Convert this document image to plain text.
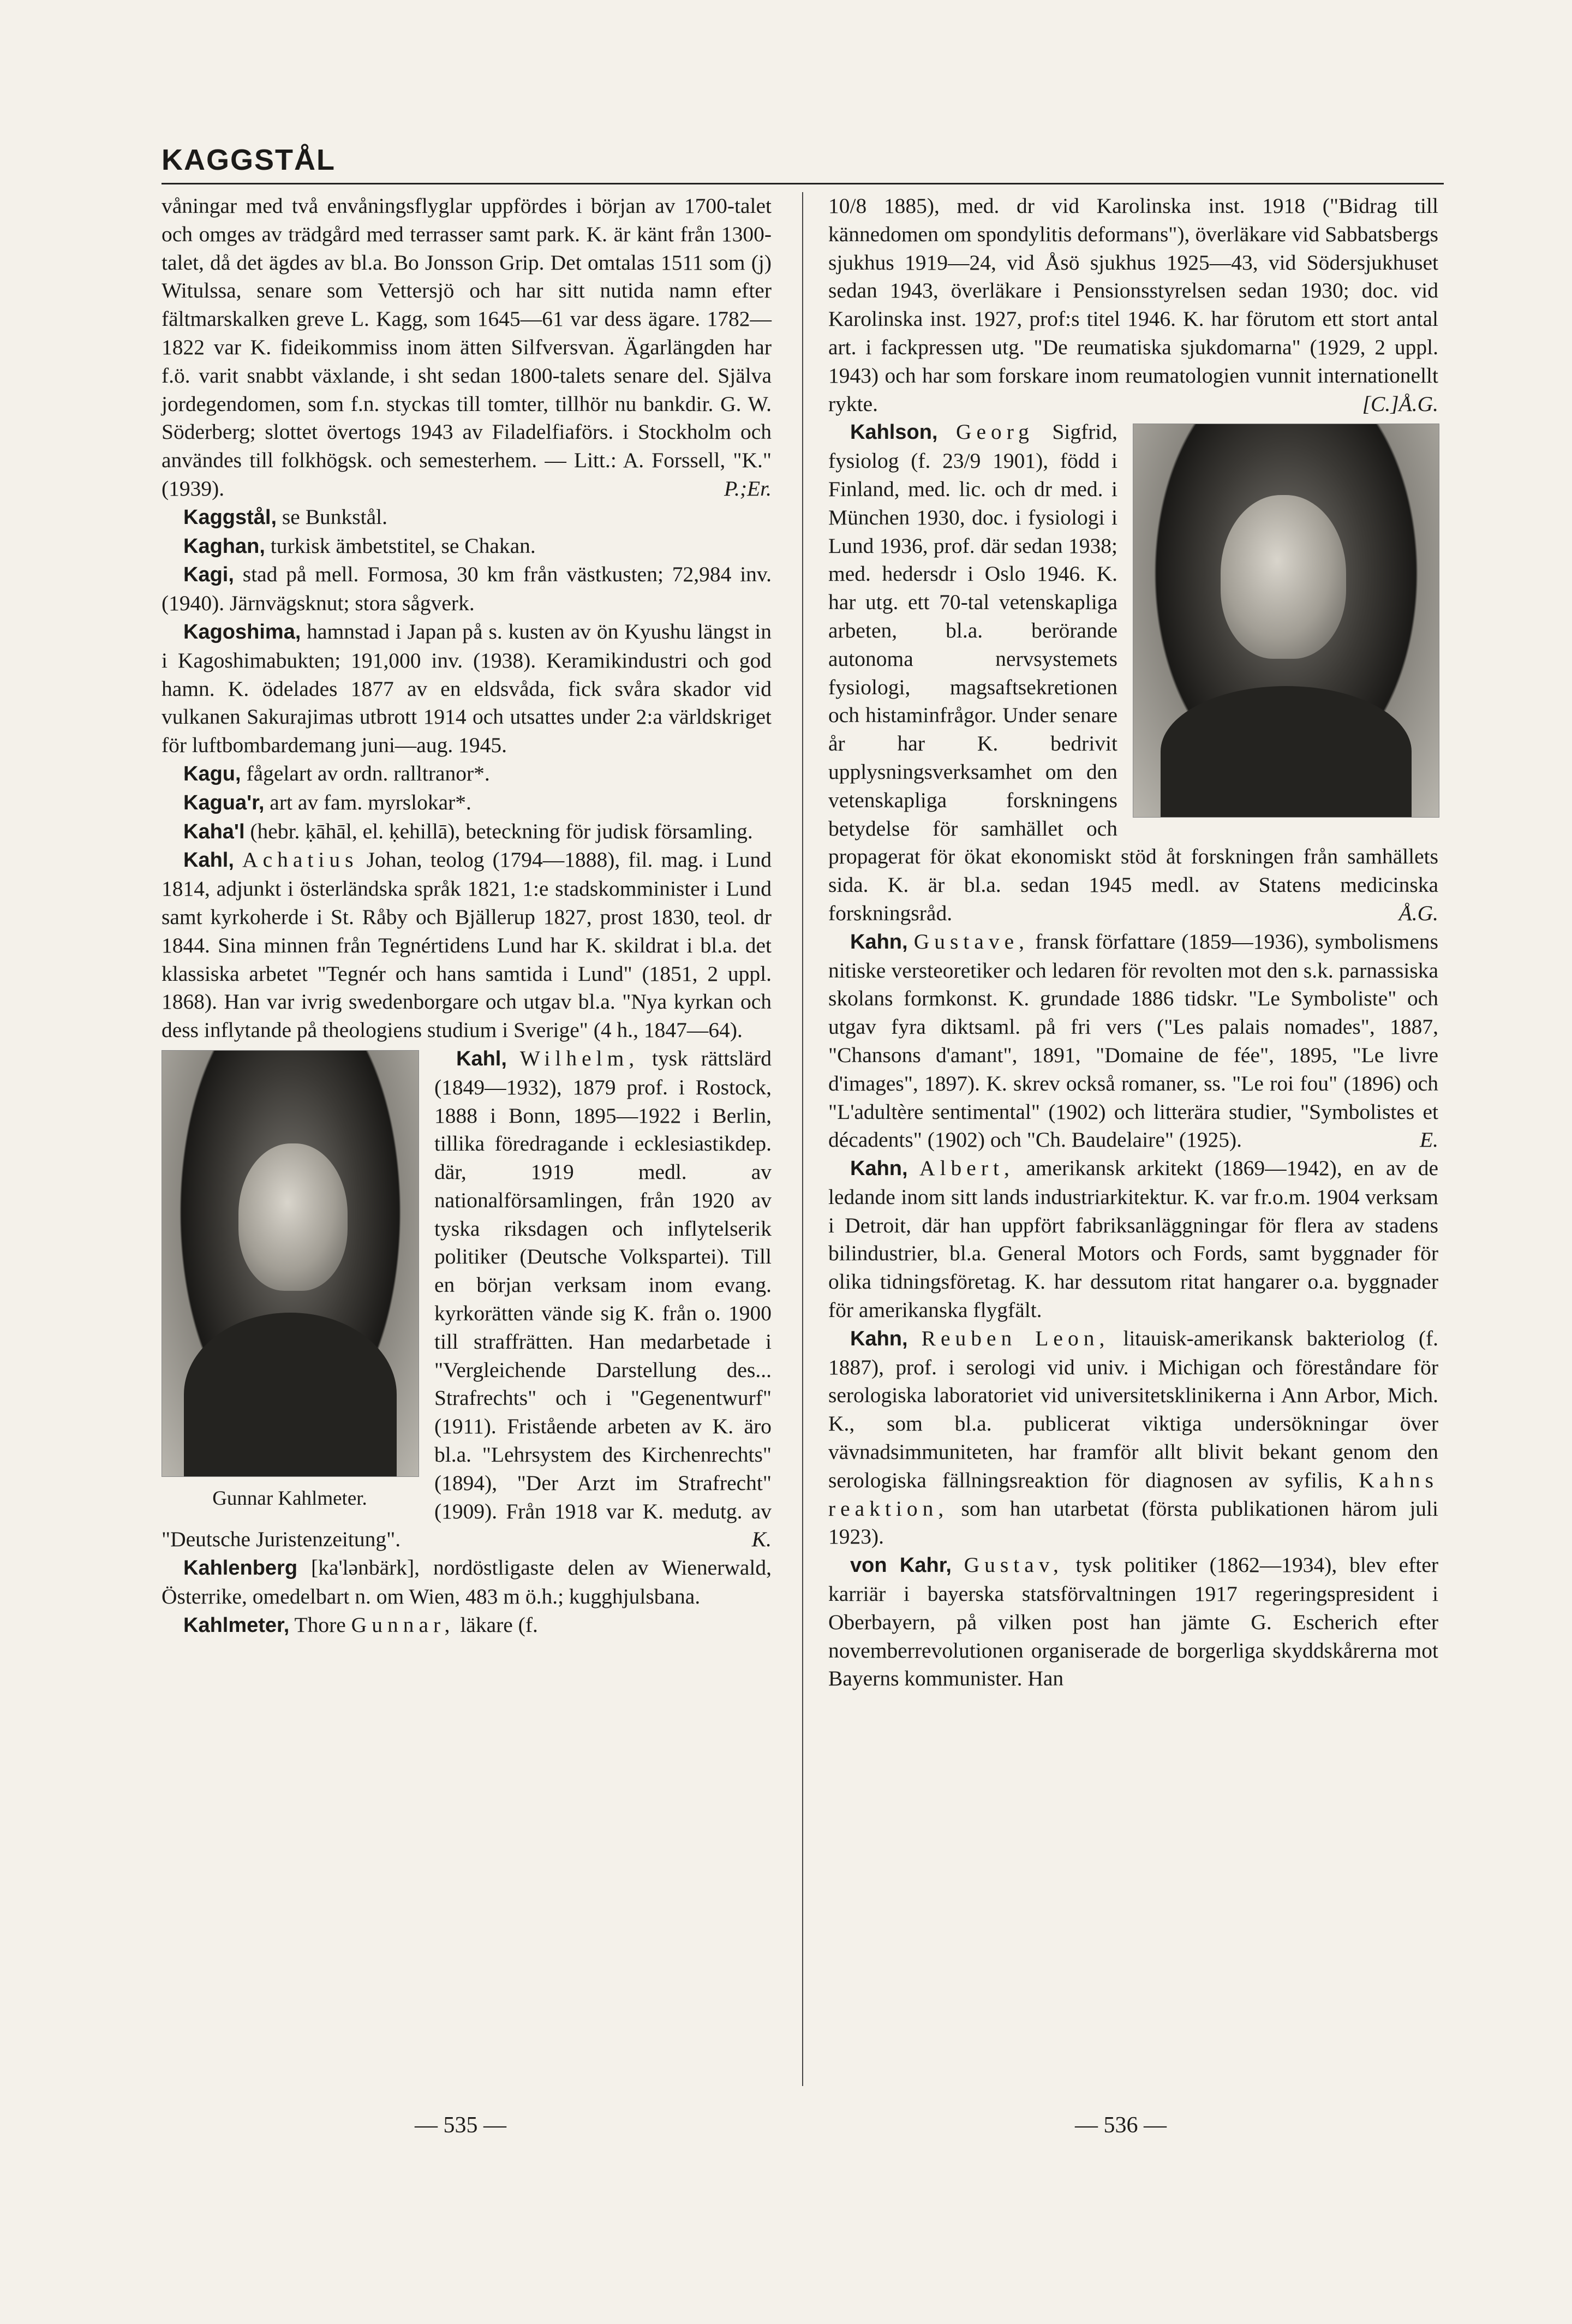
KAGGSTÅL

våningar med två envåningsflyglar uppfördes i början av 1700-talet och omges av trädgård med terrasser samt park. K. är känt från 1300-talet, då det ägdes av bl.a. Bo Jonsson Grip. Det omtalas 1511 som (j) Witulssa, senare som Vettersjö och har sitt nutida namn efter fältmarskalken greve L. Kagg, som 1645—61 var dess ägare. 1782—1822 var K. fideikommiss inom ätten Silfversvan. Ägarlängden har f.ö. varit snabbt växlande, i sht sedan 1800-talets senare del. Själva jordegendomen, som f.n. styckas till tomter, tillhör nu bankdir. G. W. Söderberg; slottet övertogs 1943 av Filadelfiaförs. i Stockholm och användes till folkhögsk. och semesterhem. — Litt.: A. Forssell, "K." (1939).	P.;Er.

Kaggstål, se Bunkstål.

Kaghan, turkisk ämbetstitel, se Chakan.

Kagi, stad på mell. Formosa, 30 km från västkusten; 72,984 inv. (1940). Järnvägsknut; stora sågverk.

Kagoshima, hamnstad i Japan på s. kusten av ön Kyushu längst in i Kagoshimabukten; 191,000 inv. (1938). Keramikindustri och god hamn. K. ödelades 1877 av en eldsvåda, fick svåra skador vid vulkanen Sakurajimas utbrott 1914 och utsattes under 2:a världskriget för luftbombardemang juni—aug. 1945.

Kagu, fågelart av ordn. ralltranor*.

Kagua'r, art av fam. myrslokar*.

Kaha'l (hebr. ḳāhāl, el. ḳehillā), beteckning för judisk församling.

Kahl, Achatius Johan, teolog (1794—1888), fil. mag. i Lund 1814, adjunkt i österländska språk 1821, 1:e stadskomminister i Lund samt kyrkoherde i St. Råby och Bjällerup 1827, prost 1830, teol. dr 1844. Sina minnen från Tegnértidens Lund har K. skildrat i bl.a. det klassiska arbetet "Tegnér och hans samtida i Lund" (1851, 2 uppl. 1868). Han var ivrig swedenborgare och utgav bl.a. "Nya kyrkan och dess inflytande på theologiens studium i Sverige" (4 h., 1847—64).

Gunnar Kahlmeter.

Kahl, Wilhelm, tysk rättslärd (1849—1932), 1879 prof. i Rostock, 1888 i Bonn, 1895—1922 i Berlin, tillika föredragande i ecklesiastikdep. där, 1919 medl. av nationalförsamlingen, från 1920 av tyska riksdagen och inflytelserik politiker (Deutsche Volkspartei). Till en början verksam inom evang. kyrkorätten vände sig K. från o. 1900 till straffrätten. Han medarbetade i "Vergleichende Darstellung des... Strafrechts" och i "Gegenentwurf" (1911). Fristående arbeten av K. äro bl.a. "Lehrsystem des Kirchenrechts" (1894), "Der Arzt im Strafrecht" (1909). Från 1918 var K. medutg. av "Deutsche Juristenzeitung".	K.

Kahlenberg [ka'lənbärk], nordöstligaste delen av Wienerwald, Österrike, omedelbart n. om Wien, 483 m ö.h.; kugghjulsbana.

Kahlmeter, Thore Gunnar, läkare (f.

10/8 1885), med. dr vid Karolinska inst. 1918 ("Bidrag till kännedomen om spondylitis deformans"), överläkare vid Sabbatsbergs sjukhus 1919—24, vid Åsö sjukhus 1925—43, vid Södersjukhuset sedan 1943, överläkare i Pensionsstyrelsen sedan 1930; doc. vid Karolinska inst. 1927, prof:s titel 1946. K. har förutom ett stort antal art. i fackpressen utg. "De reumatiska sjukdomarna" (1929, 2 uppl. 1943) och har som forskare inom reumatologien vunnit internationellt rykte.	[C.]Å.G.

Kahlson, Georg Sigfrid, fysiolog (f. 23/9 1901), född i Finland, med. lic. och dr med. i München 1930, doc. i fysiologi i Lund 1936, prof. där sedan 1938; med. hedersdr i Oslo 1946. K. har utg. ett 70-tal vetenskapliga arbeten, bl.a. berörande autonoma nervsystemets fysiologi, magsaftsekretionen och histaminfrågor. Under senare år har K. bedrivit upplysningsverksamhet om den vetenskapliga forskningens betydelse för samhället och propagerat för ökat ekonomiskt stöd åt forskningen från samhällets sida. K. är bl.a. sedan 1945 medl. av Statens medicinska forskningsråd.	Å.G.

Kahn, Gustave, fransk författare (1859—1936), symbolismens nitiske versteoretiker och ledaren för revolten mot den s.k. parnassiska skolans formkonst. K. grundade 1886 tidskr. "Le Symboliste" och utgav fyra diktsaml. på fri vers ("Les palais nomades", 1887, "Chansons d'amant", 1891, "Domaine de fée", 1895, "Le livre d'images", 1897). K. skrev också romaner, ss. "Le roi fou" (1896) och "L'adultère sentimental" (1902) och litterära studier, "Symbolistes et décadents" (1902) och "Ch. Baudelaire" (1925).	E.

Kahn, Albert, amerikansk arkitekt (1869—1942), en av de ledande inom sitt lands industriarkitektur. K. var fr.o.m. 1904 verksam i Detroit, där han uppfört fabriksanläggningar för flera av stadens bilindustrier, bl.a. General Motors och Fords, samt byggnader för olika tidningsföretag. K. har dessutom ritat hangarer o.a. byggnader för amerikanska flygfält.

Kahn, Reuben Leon, litauisk-amerikansk bakteriolog (f. 1887), prof. i serologi vid univ. i Michigan och föreståndare för serologiska laboratoriet vid universitetsklinikerna i Ann Arbor, Mich. K., som bl.a. publicerat viktiga undersökningar över vävnadsimmuniteten, har framför allt blivit bekant genom den serologiska fällningsreaktion för diagnosen av syfilis, Kahns reaktion, som han utarbetat (första publikationen härom juli 1923).

von Kahr, Gustav, tysk politiker (1862—1934), blev efter karriär i bayerska statsförvaltningen 1917 regeringspresident i Oberbayern, på vilken post han jämte G. Escherich efter novemberrevolutionen organiserade de borgerliga skyddskårerna mot Bayerns kommunister. Han

— 535 —	— 536 —
